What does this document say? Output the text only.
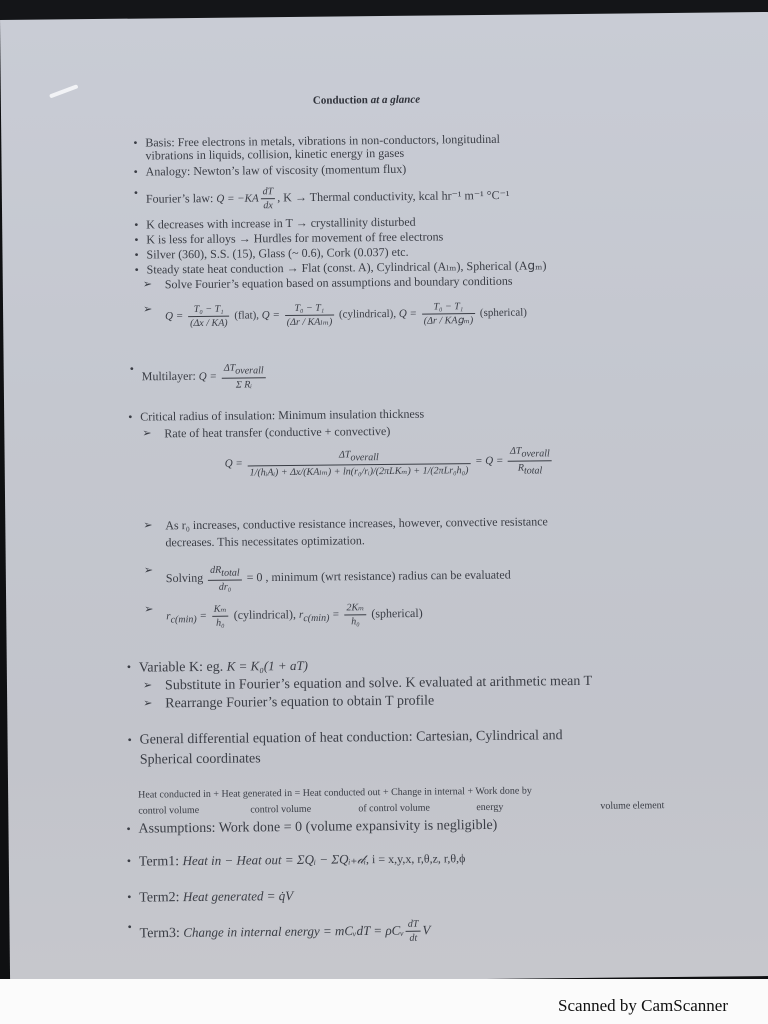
Conduction at a glance
• Basis: Free electrons in metals, vibrations in non-conductors, longitudinal
vibrations in liquids, collision, kinetic energy in gases
• Analogy: Newton’s law of viscosity (momentum flux)
• Fourier’s law: $Q = -KA \frac{dT}{dx}$ , K → Thermal conductivity, kcal hr⁻¹ m⁻¹ °C⁻¹
• K decreases with increase in T → crystallinity disturbed
• K is less for alloys → Hurdles for movement of free electrons
• Silver (360), S.S. (15), Glass (~ 0.6), Cork (0.037) etc.
• Steady state heat conduction → Flat (const. A), Cylindrical (Aₗₘ), Spherical (A𝗀ₘ)
➢ Solve Fourier’s equation based on assumptions and boundary conditions
➢ $Q = \frac{\text{T₀ − T₁}}{(\Delta x / KA)}$ (flat), $Q = \frac{\text{T₀ − T₁}}{\text{(Δr / KAₗₘ)}}$ (cylindrical), $Q = \frac{\text{T₀ − T₁}}{\text{(Δr / KA𝗀ₘ)}}$ (spherical)
• Multilayer: $Q = \frac{\Delta T_{overall}}{\text{Σ Rᵢ}}$
• Critical radius of insulation: Minimum insulation thickness
➢ Rate of heat transfer (conductive + convective)
$Q = \frac{\Delta T_{overall}}{\text{1/(hᵢAᵢ) + Δx/(KAₗₘ) + ln(r₀/rᵢ)/(2πLKₘ) + 1/(2πLr₀h₀)}} = Q = \frac{\Delta T_{overall}}{R_{total}}$
➢ As r₀ increases, conductive resistance increases, however, convective resistance
decreases. This necessitates optimization.
➢ Solving $\frac{dR_{total}}{\text{dr₀}} = 0$ , minimum (wrt resistance) radius can be evaluated
➢ $r_{c(min)} = \frac{\text{Kₘ}}{\text{h₀}}$ (cylindrical), $r_{c(min)} = \frac{\text{2Kₘ}}{\text{h₀}}$ (spherical)
• Variable K: eg. K = K₀(1 + aT)
➢ Substitute in Fourier’s equation and solve. K evaluated at arithmetic mean T
➢ Rearrange Fourier’s equation to obtain T profile
• General differential equation of heat conduction: Cartesian, Cylindrical and
Spherical coordinates
Heat conducted in + Heat generated in = Heat conducted out + Change in internal + Work done by
control volume	control volume	of control volume	energy	volume element
• Assumptions: Work done = 0 (volume expansivity is negligible)
• Term1: Heat in − Heat out = ΣQᵢ − ΣQᵢ₊𝒹ᵢ, i = x,y,x, r,θ,z, r,θ,ϕ
• Term2: Heat generated = q̇V
• Term3: Change in internal energy = mCᵥdT = ρCᵥ $\frac{dT}{dt}$ V
Scanned by CamScanner
